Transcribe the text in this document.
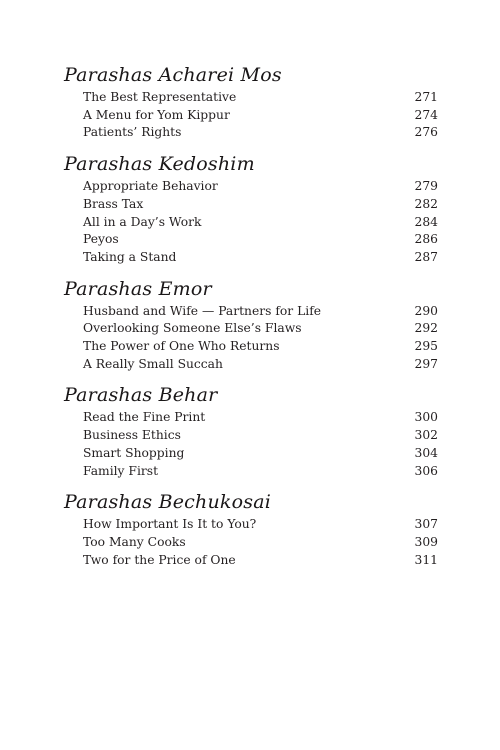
Parashas Acharei Mos
The Best Representative	271
A Menu for Yom Kippur	274
Patients’ Rights	276
Parashas Kedoshim
Appropriate Behavior	279
Brass Tax	282
All in a Day’s Work	284
Peyos	286
Taking a Stand	287
Parashas Emor
Husband and Wife — Partners for Life	290
Overlooking Someone Else’s Flaws	292
The Power of One Who Returns	295
A Really Small Succah	297
Parashas Behar
Read the Fine Print	300
Business Ethics	302
Smart Shopping	304
Family First	306
Parashas Bechukosai
How Important Is It to You?	307
Too Many Cooks	309
Two for the Price of One	311
